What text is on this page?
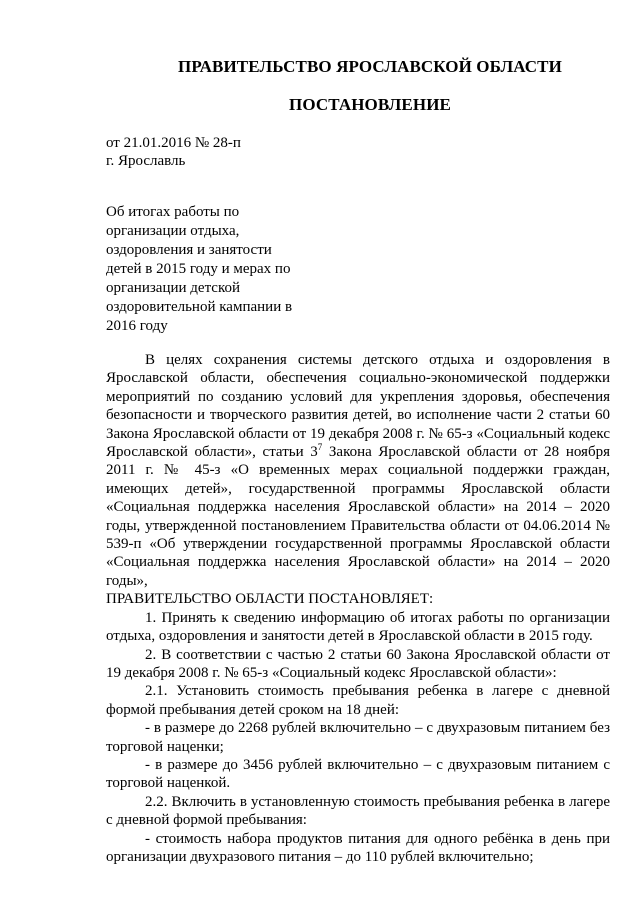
ПРАВИТЕЛЬСТВО ЯРОСЛАВСКОЙ ОБЛАСТИ
ПОСТАНОВЛЕНИЕ
от 21.01.2016 № 28-п
г. Ярославль
Об итогах работы по
организации отдыха,
оздоровления и занятости
детей в 2015 году и мерах по
организации детской
оздоровительной кампании в
2016 году

В целях сохранения системы детского отдыха и оздоровления в Ярославской области, обеспечения социально-экономической поддержки мероприятий по созданию условий для укрепления здоровья, обеспечения безопасности и творческого развития детей, во исполнение части 2 статьи 60 Закона Ярославской области от 19 декабря 2008 г. № 65-з «Социальный кодекс Ярославской области», статьи $3^7$ Закона Ярославской области от 28 ноября 2011 г. № 45-з «О временных мерах социальной поддержки граждан, имеющих детей», государственной программы Ярославской области «Социальная поддержка населения Ярославской области» на 2014 – 2020 годы, утвержденной постановлением Правительства области от 04.06.2014 № 539-п «Об утверждении государственной программы Ярославской области «Социальная поддержка населения Ярославской области» на 2014 – 2020 годы»,

ПРАВИТЕЛЬСТВО ОБЛАСТИ ПОСТАНОВЛЯЕТ:

1. Принять к сведению информацию об итогах работы по организации отдыха, оздоровления и занятости детей в Ярославской области в 2015 году.

2. В соответствии с частью 2 статьи 60 Закона Ярославской области от 19 декабря 2008 г. № 65-з «Социальный кодекс Ярославской области»:

2.1. Установить стоимость пребывания ребенка в лагере с дневной формой пребывания детей сроком на 18 дней:

- в размере до 2268 рублей включительно – с двухразовым питанием без торговой наценки;

- в размере до 3456 рублей включительно – с двухразовым питанием с торговой наценкой.

2.2. Включить в установленную стоимость пребывания ребенка в лагере с дневной формой пребывания:

- стоимость набора продуктов питания для одного ребёнка в день при организации двухразового питания – до 110 рублей включительно;
